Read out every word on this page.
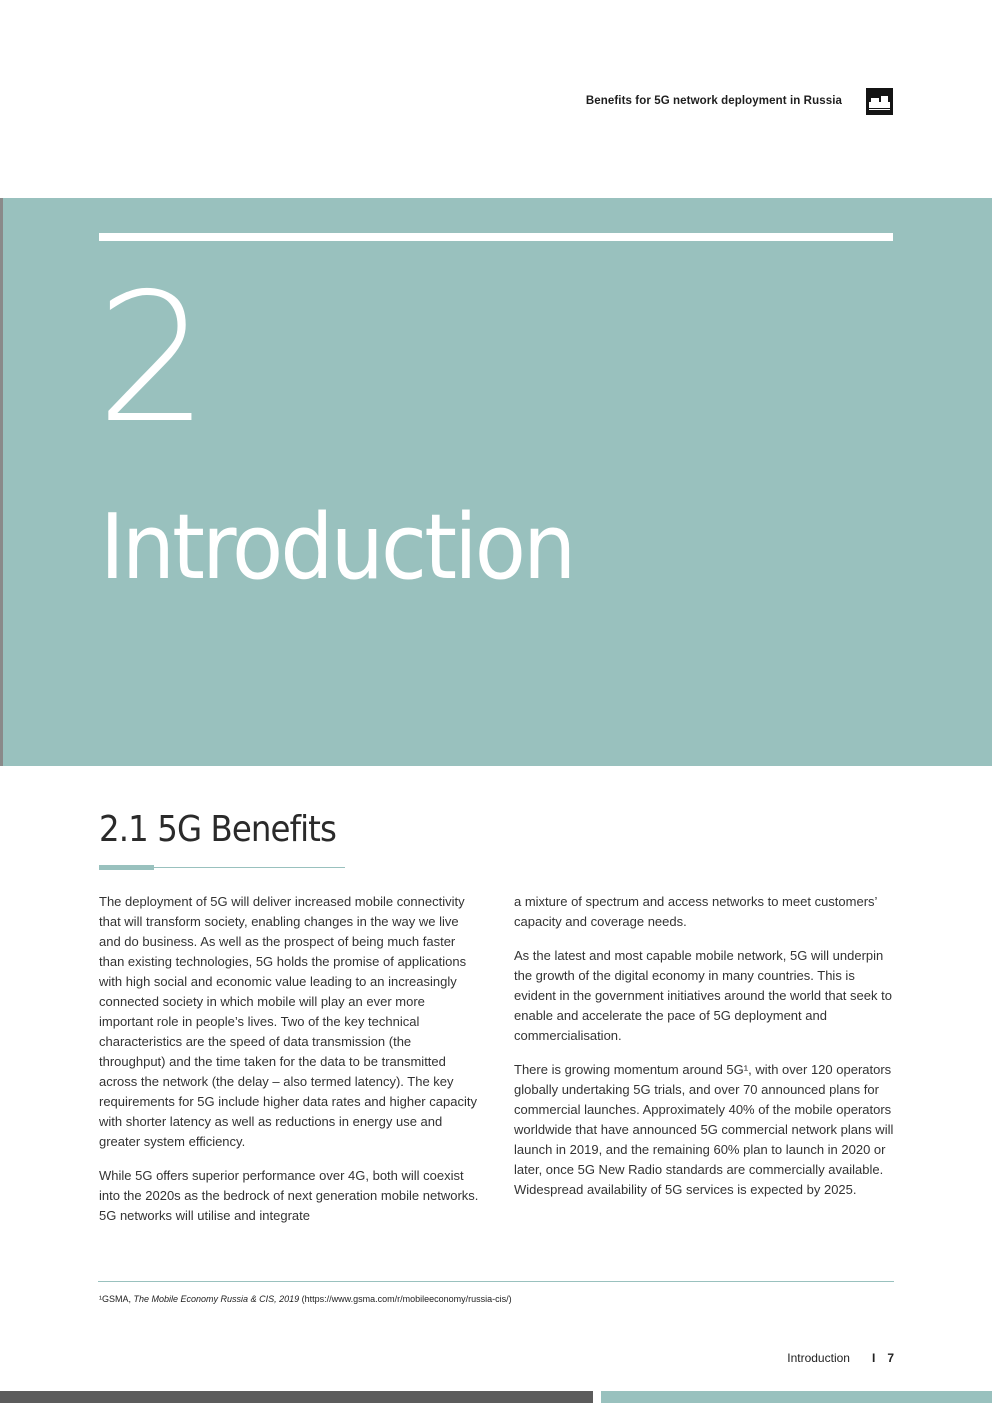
Benefits for 5G network deployment in Russia
2
Introduction
2.1 5G Benefits

The deployment of 5G will deliver increased mobile connectivity that will transform society, enabling changes in the way we live and do business. As well as the prospect of being much faster than existing technologies, 5G holds the promise of applications with high social and economic value leading to an increasingly connected society in which mobile will play an ever more important role in people’s lives. Two of the key technical characteristics are the speed of data transmission (the throughput) and the time taken for the data to be transmitted across the network (the delay – also termed latency). The key requirements for 5G include higher data rates and higher capacity with shorter latency as well as reductions in energy use and greater system efficiency.

While 5G offers superior performance over 4G, both will coexist into the 2020s as the bedrock of next generation mobile networks. 5G networks will utilise and integrate

a mixture of spectrum and access networks to meet customers’ capacity and coverage needs.

As the latest and most capable mobile network, 5G will underpin the growth of the digital economy in many countries. This is evident in the government initiatives around the world that seek to enable and accelerate the pace of 5G deployment and commercialisation.

There is growing momentum around 5G¹, with over 120 operators globally undertaking 5G trials, and over 70 announced plans for commercial launches. Approximately 40% of the mobile operators worldwide that have announced 5G commercial network plans will launch in 2019, and the remaining 60% plan to launch in 2020 or later, once 5G New Radio standards are commercially available. Widespread availability of 5G services is expected by 2025.

¹GSMA, The Mobile Economy Russia & CIS, 2019 (https://www.gsma.com/r/mobileeconomy/russia-cis/)
Introduction I 7
